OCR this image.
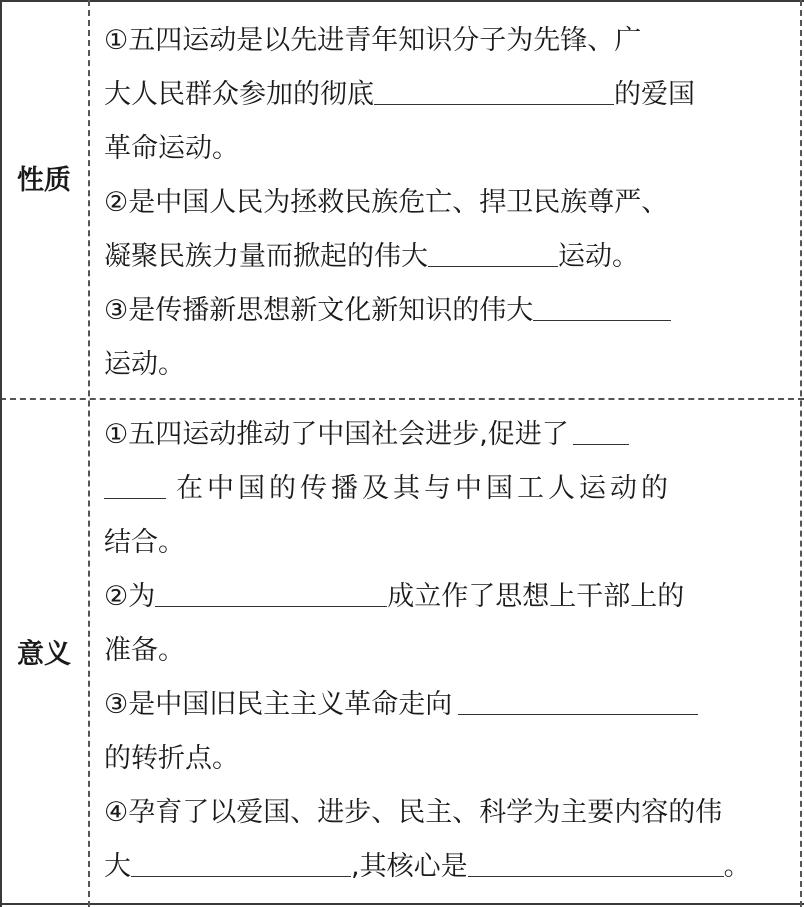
性质
①五四运动是以先进青年知识分子为先锋、广
大人民群众参加的彻底	的爱国
革命运动。
②是中国人民为拯救民族危亡、捍卫民族尊严、
凝聚民族力量而掀起的伟大	运动。
③是传播新思想新文化新知识的伟大
运动。
意义
①五四运动推动了中国社会进步,促进了
在中国的传播及其与中国工人运动的
结合。
②为	成立作了思想上干部上的
准备。
③是中国旧民主主义革命走向
的转折点。
④孕育了以爱国、进步、民主、科学为主要内容的伟
大	,其核心是	。
